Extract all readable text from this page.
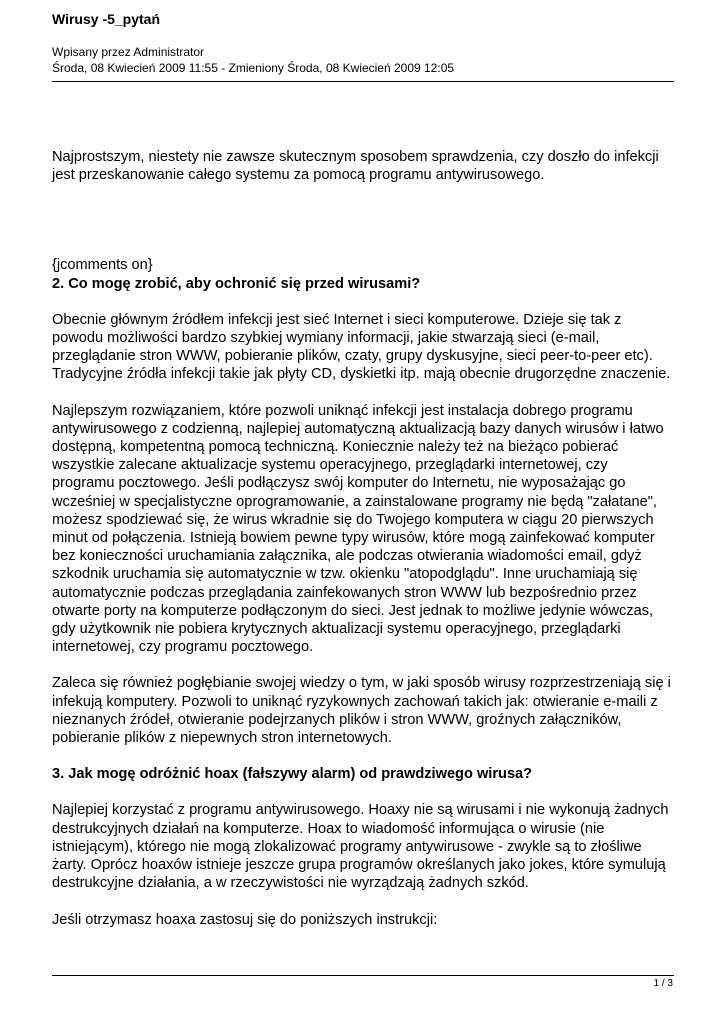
Wirusy -5_pytań
Wpisany przez Administrator
Środa, 08 Kwiecień 2009 11:55 - Zmieniony Środa, 08 Kwiecień 2009 12:05

Najprostszym, niestety nie zawsze skutecznym sposobem sprawdzenia, czy doszło do infekcji jest przeskanowanie całego systemu za pomocą programu antywirusowego.

{jcomments on}

2. Co mogę zrobić, aby ochronić się przed wirusami?

Obecnie głównym źródłem infekcji jest sieć Internet i sieci komputerowe. Dzieje się tak z powodu możliwości bardzo szybkiej wymiany informacji, jakie stwarzają sieci (e-mail, przeglądanie stron WWW, pobieranie plików, czaty, grupy dyskusyjne, sieci peer-to-peer etc). Tradycyjne źródła infekcji takie jak płyty CD, dyskietki itp. mają obecnie drugorzędne znaczenie.

Najlepszym rozwiązaniem, które pozwoli uniknąć infekcji jest instalacja dobrego programu antywirusowego z codzienną, najlepiej automatyczną aktualizacją bazy danych wirusów i łatwo dostępną, kompetentną pomocą techniczną. Koniecznie należy też na bieżąco pobierać wszystkie zalecane aktualizacje systemu operacyjnego, przeglądarki internetowej, czy programu pocztowego. Jeśli podłączysz swój komputer do Internetu, nie wyposażając go wcześniej w specjalistyczne oprogramowanie, a zainstalowane programy nie będą "załatane", możesz spodziewać się, że wirus wkradnie się do Twojego komputera w ciągu 20 pierwszych minut od połączenia. Istnieją bowiem pewne typy wirusów, które mogą zainfekować komputer bez konieczności uruchamiania załącznika, ale podczas otwierania wiadomości email, gdyż szkodnik uruchamia się automatycznie w tzw. okienku "atopodglądu". Inne uruchamiają się automatycznie podczas przeglądania zainfekowanych stron WWW lub bezpośrednio przez otwarte porty na komputerze podłączonym do sieci. Jest jednak to możliwe jedynie wówczas, gdy użytkownik nie pobiera krytycznych aktualizacji systemu operacyjnego, przeglądarki internetowej, czy programu pocztowego.

Zaleca się również pogłębianie swojej wiedzy o tym, w jaki sposób wirusy rozprzestrzeniają się i infekują komputery. Pozwoli to uniknąć ryzykownych zachowań takich jak: otwieranie e-maili z nieznanych źródeł, otwieranie podejrzanych plików i stron WWW, groźnych załączników, pobieranie plików z niepewnych stron internetowych.

3. Jak mogę odróżnić hoax (fałszywy alarm) od prawdziwego wirusa?

Najlepiej korzystać z programu antywirusowego. Hoaxy nie są wirusami i nie wykonują żadnych destrukcyjnych działań na komputerze. Hoax to wiadomość informująca o wirusie (nie istniejącym), którego nie mogą zlokalizować programy antywirusowe - zwykle są to złośliwe żarty. Oprócz hoaxów istnieje jeszcze grupa programów określanych jako jokes, które symulują destrukcyjne działania, a w rzeczywistości nie wyrządzają żadnych szkód.

Jeśli otrzymasz hoaxa zastosuj się do poniższych instrukcji:

1 / 3
